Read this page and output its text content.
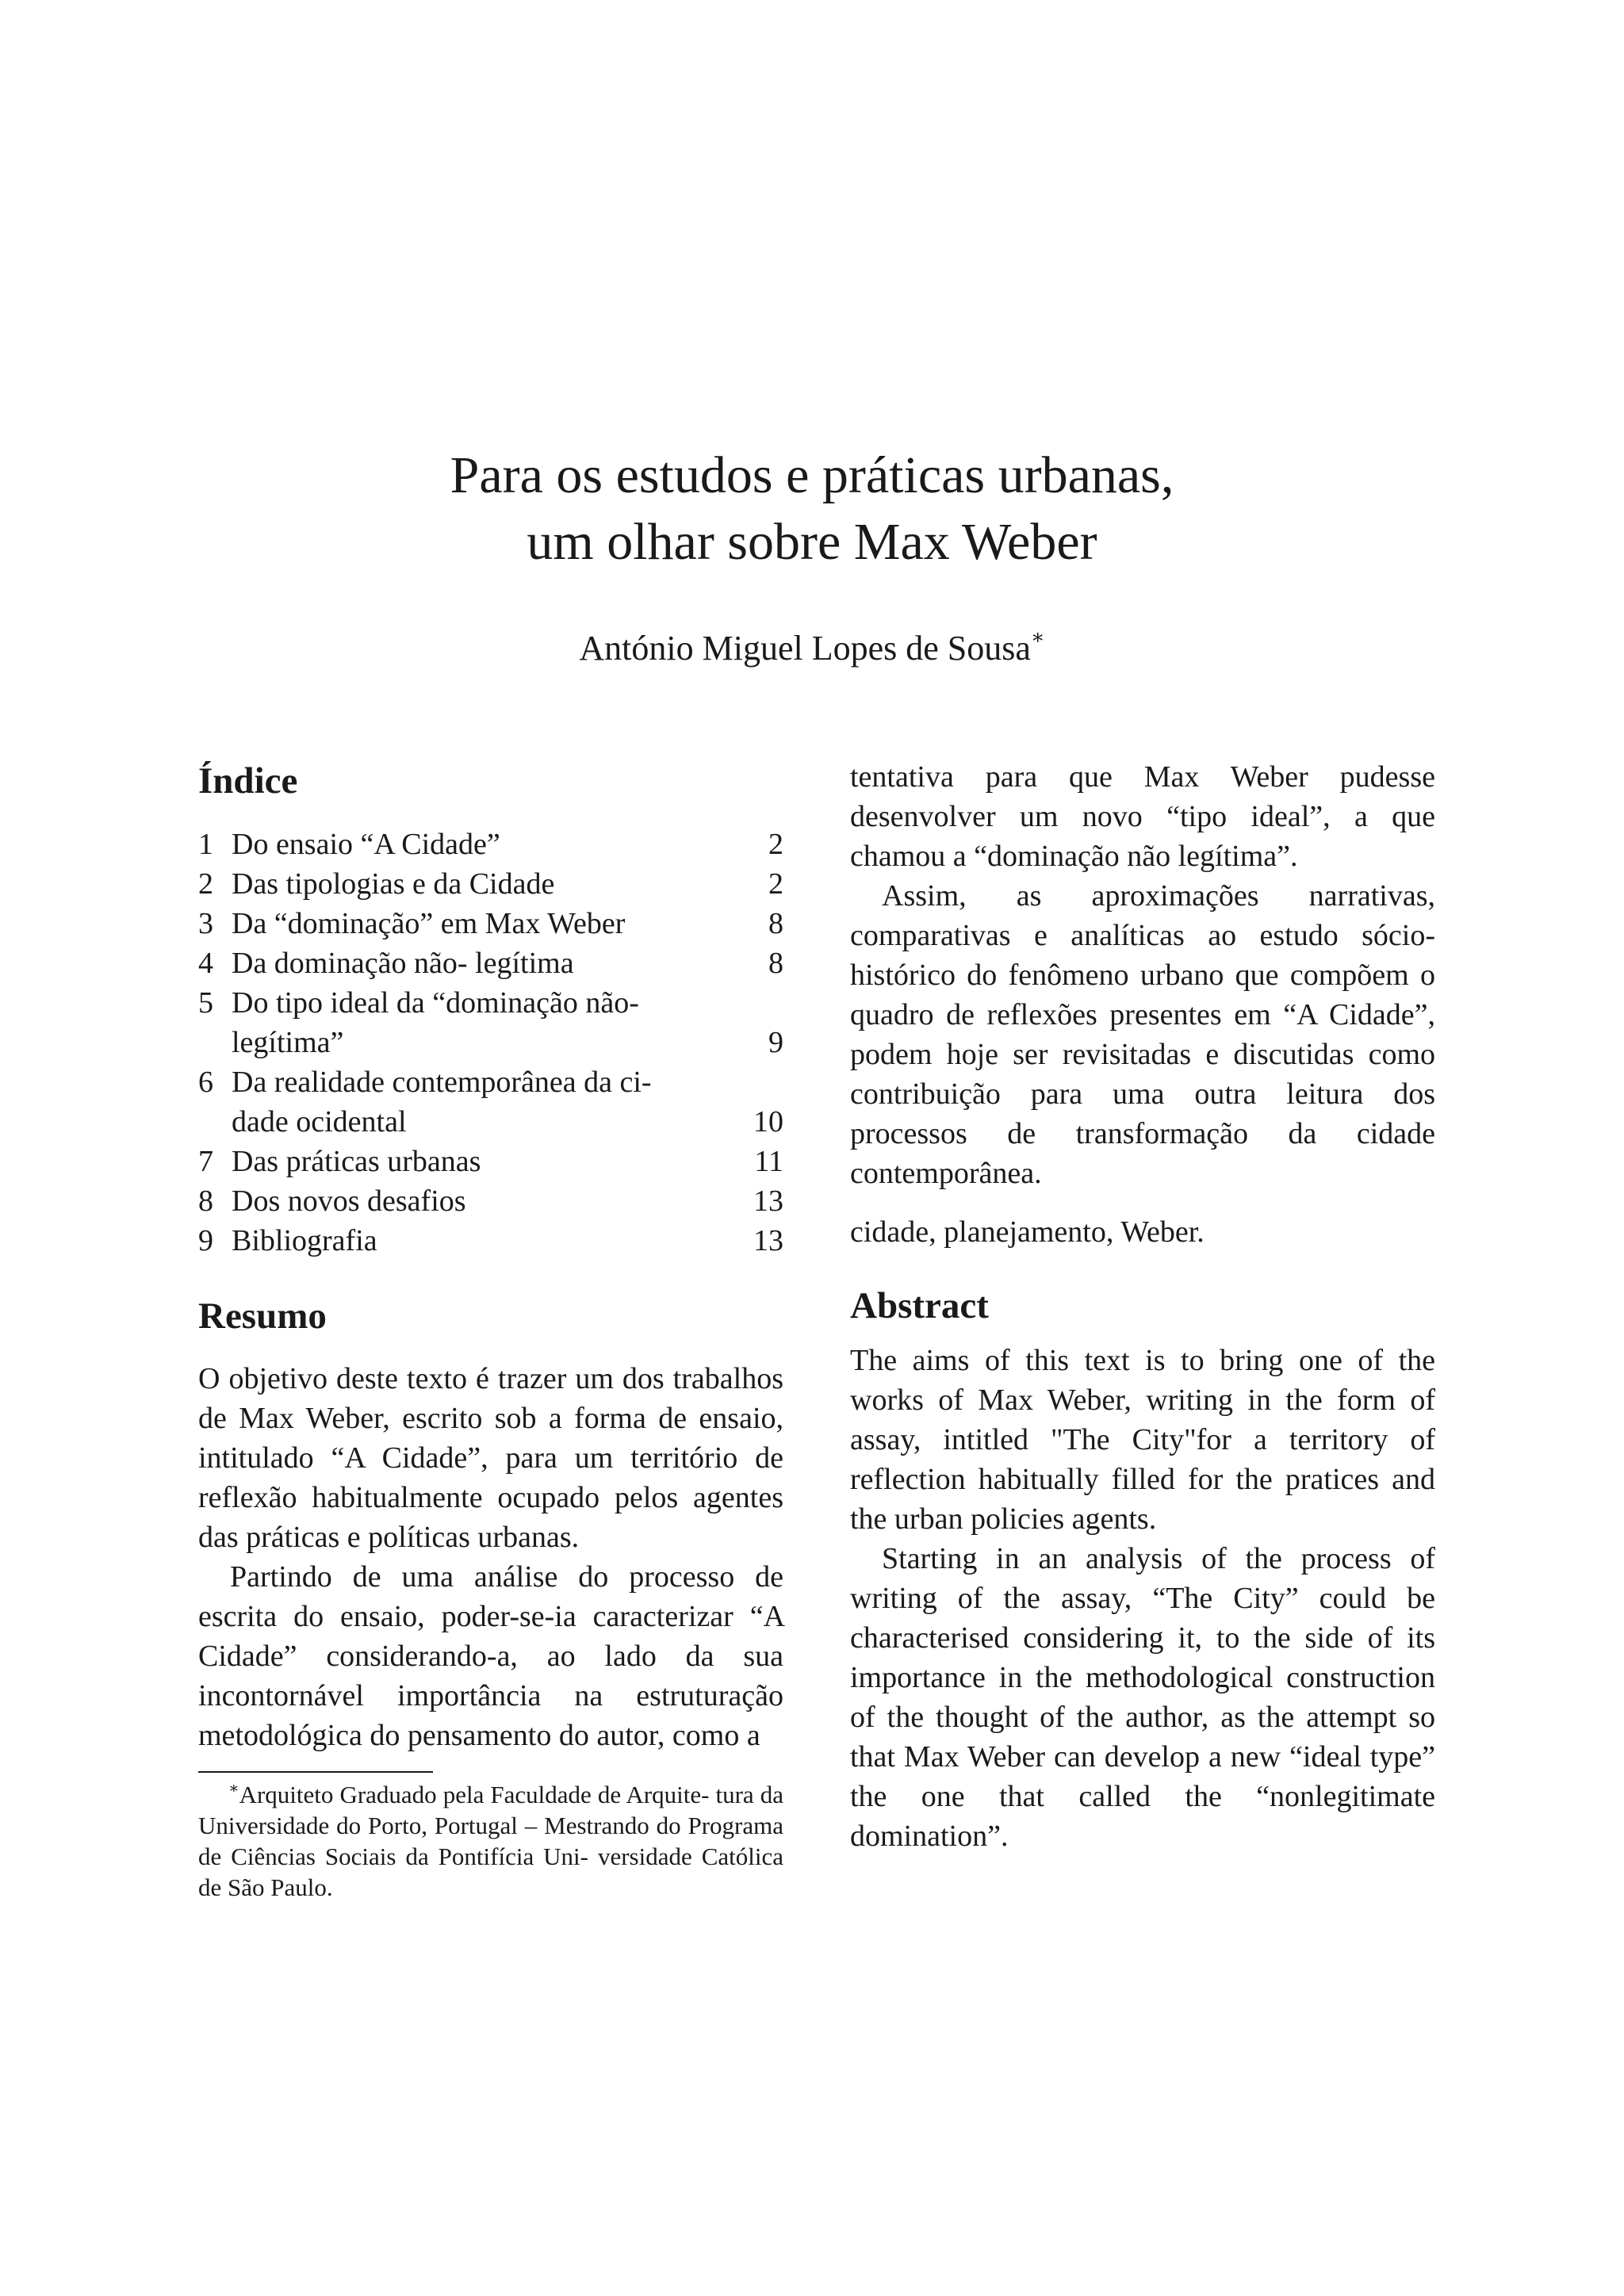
Para os estudos e práticas urbanas,
um olhar sobre Max Weber
António Miguel Lopes de Sousa∗
Índice
1 Do ensaio “A Cidade”	2
2 Das tipologias e da Cidade	2
3 Da “dominação” em Max Weber	8
4 Da dominação não- legítima	8
5 Do tipo ideal da “dominação não-
legítima”	9
6 Da realidade contemporânea da ci-
dade ocidental	10
7 Das práticas urbanas	11
8 Dos novos desafios	13
9 Bibliografia	13
Resumo
O objetivo deste texto é trazer um dos trabalhos de Max Weber, escrito sob a forma de ensaio, intitulado “A Cidade”, para um território de reflexão habitualmente ocupado pelos agentes das práticas e políticas urbanas.
Partindo de uma análise do processo de escrita do ensaio, poder-se-ia caracterizar “A Cidade” considerando-a, ao lado da sua incontornável importância na estruturação metodológica do pensamento do autor, como a
∗Arquiteto Graduado pela Faculdade de Arquite- tura da Universidade do Porto, Portugal – Mestrando do Programa de Ciências Sociais da Pontifícia Uni- versidade Católica de São Paulo.
tentativa para que Max Weber pudesse desenvolver um novo “tipo ideal”, a que chamou a “dominação não legítima”.
Assim, as aproximações narrativas, comparativas e analíticas ao estudo sócio- histórico do fenômeno urbano que compõem o quadro de reflexões presentes em “A Cidade”, podem hoje ser revisitadas e discutidas como contribuição para uma outra leitura dos processos de transformação da cidade contemporânea.
cidade, planejamento, Weber.
Abstract
The aims of this text is to bring one of the works of Max Weber, writing in the form of assay, intitled "The City"for a territory of reflection habitually filled for the pratices and the urban policies agents.
Starting in an analysis of the process of writing of the assay, “The City” could be characterised considering it, to the side of its importance in the methodological construction of the thought of the author, as the attempt so that Max Weber can develop a new “ideal type” the one that called the “nonlegitimate domination”.
